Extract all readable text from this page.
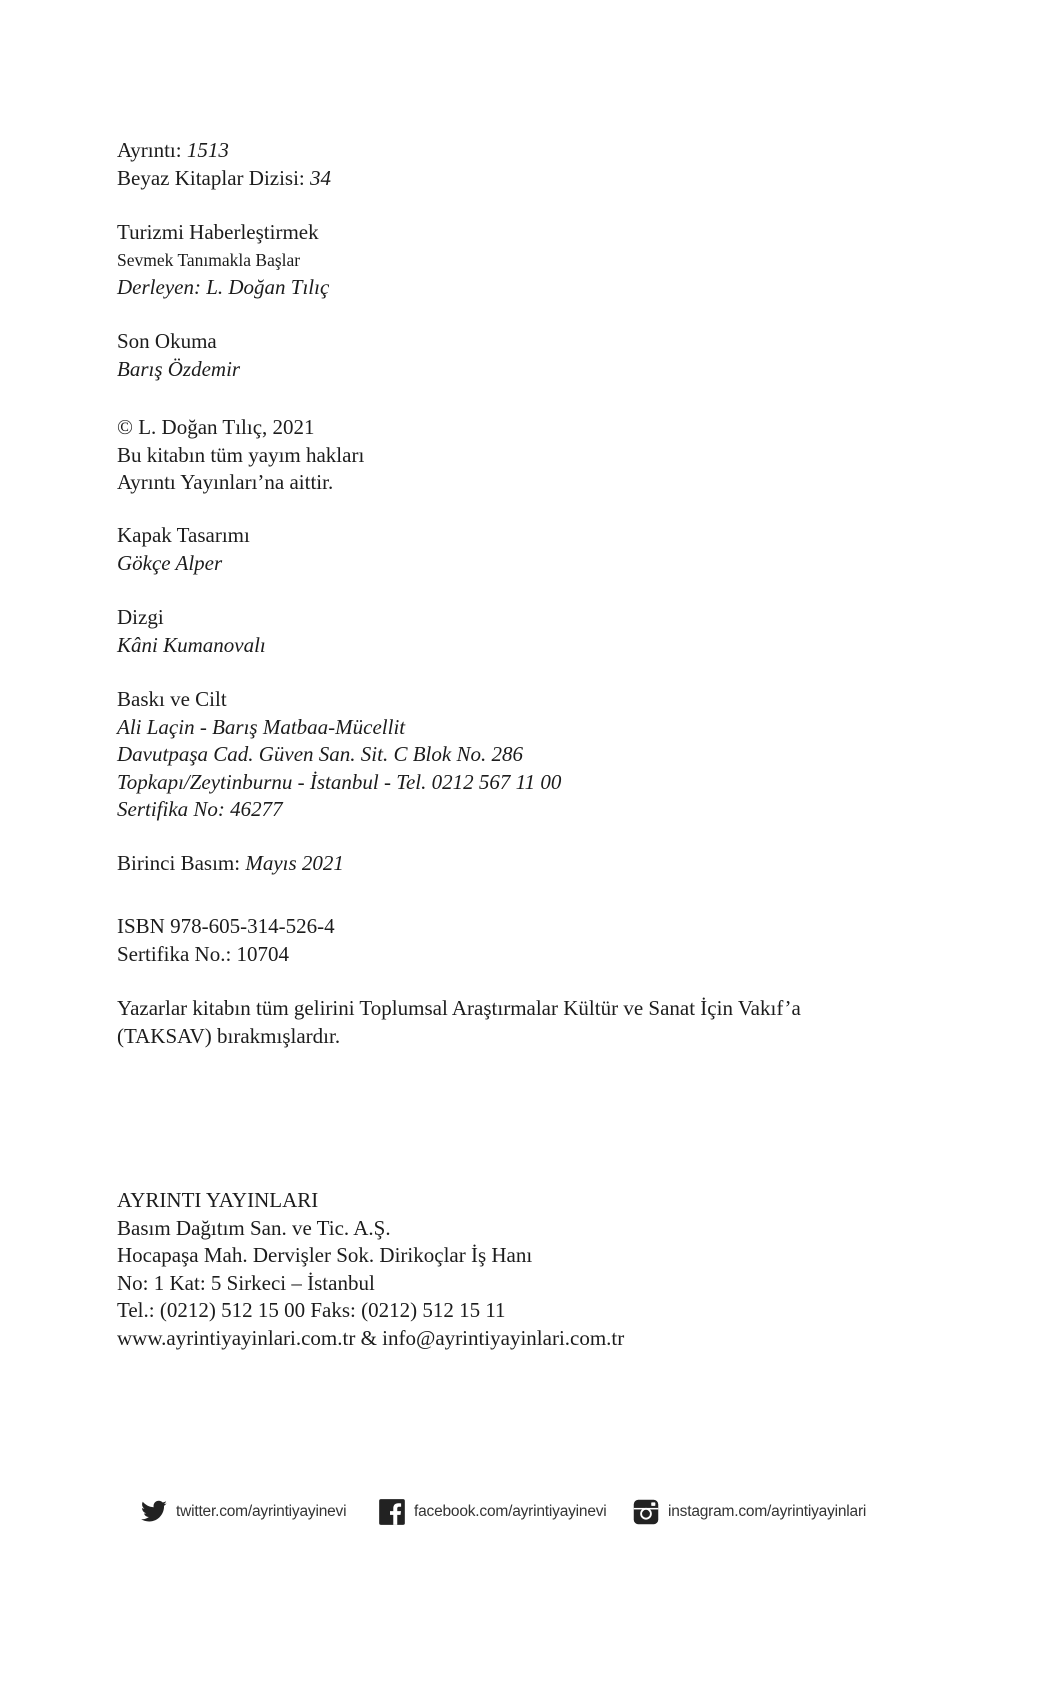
Ayrıntı: 1513
Beyaz Kitaplar Dizisi: 34
Turizmi Haberleştirmek
Sevmek Tanımakla Başlar
Derleyen: L. Doğan Tılıç
Son Okuma
Barış Özdemir
© L. Doğan Tılıç, 2021
Bu kitabın tüm yayım hakları
Ayrıntı Yayınları’na aittir.
Kapak Tasarımı
Gökçe Alper
Dizgi
Kâni Kumanovalı
Baskı ve Cilt
Ali Laçin - Barış Matbaa-Mücellit
Davutpaşa Cad. Güven San. Sit. C Blok No. 286
Topkapı/Zeytinburnu - İstanbul - Tel. 0212 567 11 00
Sertifika No: 46277
Birinci Basım: Mayıs 2021
ISBN 978-605-314-526-4
Sertifika No.: 10704
Yazarlar kitabın tüm gelirini Toplumsal Araştırmalar Kültür ve Sanat İçin Vakıf’a
(TAKSAV) bırakmışlardır.
AYRINTI YAYINLARI
Basım Dağıtım San. ve Tic. A.Ş.
Hocapaşa Mah. Dervişler Sok. Dirikoçlar İş Hanı
No: 1 Kat: 5 Sirkeci – İstanbul
Tel.: (0212) 512 15 00 Faks: (0212) 512 15 11
www.ayrintiyayinlari.com.tr & info@ayrintiyayinlari.com.tr
twitter.com/ayrintiyayinevi	facebook.com/ayrintiyayinevi	instagram.com/ayrintiyayinlari
